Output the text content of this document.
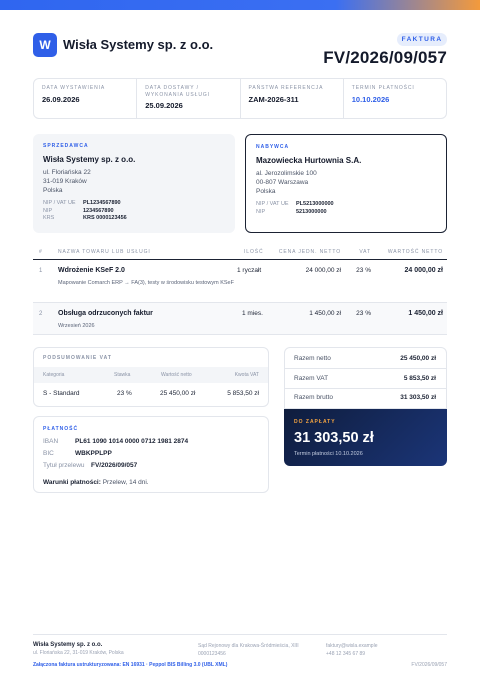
W Wisła Systemy sp. z o.o.	FAKTURA
FV/2026/09/057
DATA WYSTAWIENIA
26.09.2026
DATA DOSTAWY / WYKONANIA USŁUGI
25.09.2026
PAŃSTWA REFERENCJA
ZAM-2026-311
TERMIN PŁATNOŚCI
10.10.2026
SPRZEDAWCA
Wisła Systemy sp. z o.o.
ul. Floriańska 22
31-019 Kraków
Polska
NIP / VAT UE	PL1234567890
NIP	1234567890
KRS	KRS 0000123456
NABYWCA
Mazowiecka Hurtownia S.A.
al. Jerozolimskie 100
00-807 Warszawa
Polska
NIP / VAT UE	PL5213000000
NIP	5213000000
#	NAZWA TOWARU LUB USŁUGI	ILOŚĆ	CENA JEDN. NETTO	VAT	WARTOŚĆ NETTO
1 Wdrożenie KSeF 2.0
Mapowanie Comarch ERP → FA(3), testy w środowisku testowym KSeF
1 ryczałt	24 000,00 zł 23 %	24 000,00 zł
2 Obsługa odrzuconych faktur
Wrzesień 2026
1 mies.	1 450,00 zł 23 %	1 450,00 zł
PODSUMOWANIE VAT
Kategoria	Stawka	Wartość netto	Kwota VAT
S - Standard	23 %	25 450,00 zł	5 853,50 zł
PŁATNOŚĆ
IBAN	PL61 1090 1014 0000 0712 1981 2874
BIC	WBKPPLPP
Tytuł przelewu FV/2026/09/057
Warunki płatności: Przelew, 14 dni.
Razem netto	25 450,00 zł
Razem VAT	5 853,50 zł
Razem brutto	31 303,50 zł
DO ZAPŁATY
31 303,50 zł
Termin płatności 10.10.2026
Wisła Systemy sp. z o.o.
ul. Floriańska 22, 31-019 Kraków, Polska
Sąd Rejonowy dla Krakowa-Śródmieścia, XIII
0000123456
faktury@wisla.example
+48 12 345 67 89
Załączona faktura ustrukturyzowana: EN 16931 · Peppol BIS Billing 3.0 (UBL XML)	FV/2026/09/057
